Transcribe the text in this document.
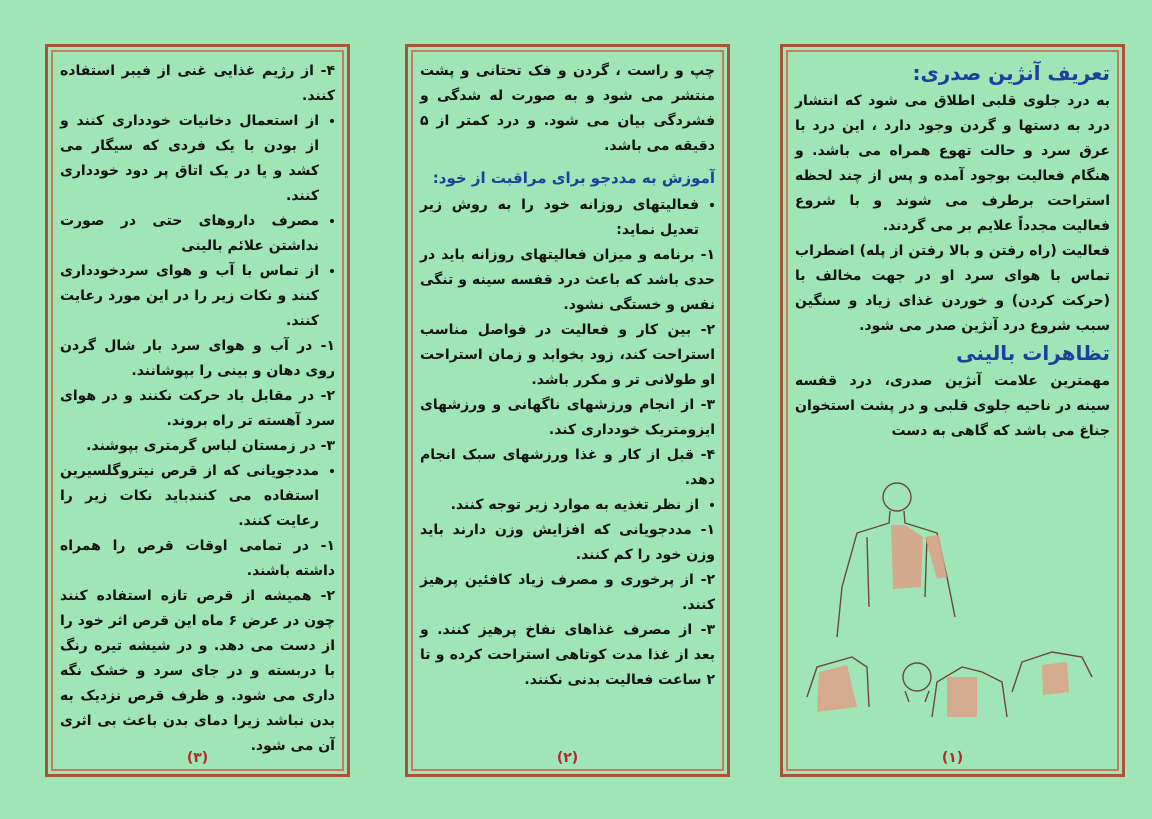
تعریف آنژین صدری:

به درد جلوی قلبی اطلاق می شود که انتشار درد به دستها و گردن وجود دارد ، این درد با عرق سرد و حالت تهوع همراه می باشد. و هنگام فعالیت بوجود آمده و پس از چند لحظه استراحت برطرف می شوند و با شروع فعالیت مجدداً علایم بر می گردند.

فعالیت (راه رفتن و بالا رفتن از پله) اضطراب تماس با هوای سرد او در جهت مخالف با (حرکت کردن) و خوردن غذای زیاد و سنگین سبب شروع درد آنژین صدر می شود.

تظاهرات بالینی

مهمترین علامت آنژین صدری، درد قفسه سینه در ناحیه جلوی قلبی و در پشت استخوان جناغ می باشد که گاهی به دست

(۱)

چپ و راست ، گردن و فک تحتانی و پشت منتشر می شود و به صورت له شدگی و فشردگی بیان می شود. و درد کمتر از ۵ دقیقه می باشد.

آموزش به مددجو برای مراقبت از خود:
• فعالیتهای روزانه خود را به روش زیر تعدیل نماید:

۱- برنامه و میزان فعالیتهای روزانه باید در حدی باشد که باعث درد قفسه سینه و تنگی نفس و خستگی نشود.

۲- بین کار و فعالیت در فواصل مناسب استراحت کند، زود بخوابد و زمان استراحت او طولانی تر و مکرر باشد.

۳- از انجام ورزشهای ناگهانی و ورزشهای ایزومتریک خودداری کند.

۴- قبل از کار و غذا ورزشهای سبک انجام دهد.

• از نظر تغذیه به موارد زیر توجه کنند.

۱- مددجویانی که افزایش وزن دارند باید وزن خود را کم کنند.

۲- از پرخوری و مصرف زیاد کافئین پرهیز کنند.

۳- از مصرف غذاهای نفاخ پرهیز کنند. و بعد از غذا مدت کوتاهی استراحت کرده و تا ۲ ساعت فعالیت بدنی نکنند.

(۲)

۴- از رژیم غذایی غنی از فیبر استفاده کنند.

• از استعمال دخانیات خودداری کنند و از بودن با یک فردی که سیگار می کشد و یا در یک اتاق پر دود خودداری کنند.
• مصرف داروهای حتی در صورت نداشتن علائم بالینی
• از تماس با آب و هوای سردخودداری کنند و نکات زیر را در این مورد رعایت کنند.

۱- در آب و هوای سرد بار شال گردن روی دهان و بینی را بپوشانند.

۲- در مقابل باد حرکت نکنند و در هوای سرد آهسته تر راه بروند.

۳- در زمستان لباس گرمتری بپوشند.

• مددجویانی که از قرص نیتروگلسیرین استفاده می کنندباید نکات زیر را رعایت کنند.

۱- در تمامی اوقات قرص را همراه داشته باشند.

۲- همیشه از قرص تازه استفاده کنند چون در عرض ۶ ماه این قرص اثر خود را از دست می دهد. و در شیشه تیره رنگ با دربسته و در جای سرد و خشک نگه داری می شود. و ظرف قرص نزدیک به بدن نباشد زیرا دمای بدن باعث بی اثری آن می شود.

(۳)
